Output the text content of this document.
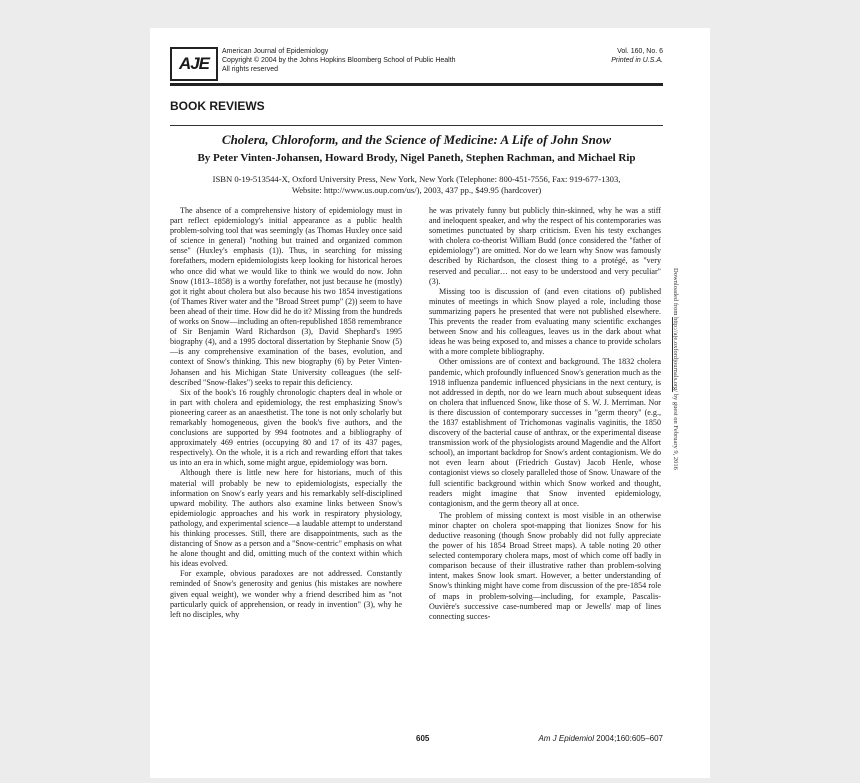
AJE
American Journal of Epidemiology
Copyright © 2004 by the Johns Hopkins Bloomberg School of Public Health
All rights reserved
Vol. 160, No. 6
Printed in U.S.A.
BOOK REVIEWS
Cholera, Chloroform, and the Science of Medicine: A Life of John Snow
By Peter Vinten-Johansen, Howard Brody, Nigel Paneth, Stephen Rachman, and Michael Rip
ISBN 0-19-513544-X, Oxford University Press, New York, New York (Telephone: 800-451-7556, Fax: 919-677-1303,
Website: http://www.us.oup.com/us/), 2003, 437 pp., $49.95 (hardcover)

The absence of a comprehensive history of epidemiology must in part reflect epidemiology's initial appearance as a public health problem-solving tool that was seemingly (as Thomas Huxley once said of science in general) "nothing but trained and organized common sense" (Huxley's emphasis (1)). Thus, in searching for missing forefathers, modern epidemiologists keep looking for historical heroes who once did what we would like to think we would do now. John Snow (1813–1858) is a worthy forefather, not just because he (mostly) got it right about cholera but also because his two 1854 investigations (of Thames River water and the "Broad Street pump" (2)) seem to have been ahead of their time. How did he do it? Missing from the hundreds of works on Snow—including an often-republished 1858 remembrance of Sir Benjamin Ward Richardson (3), David Shephard's 1995 biography (4), and a 1995 doctoral dissertation by Stephanie Snow (5)—is any comprehensive examination of the bases, evolution, and context of Snow's thinking. This new biography (6) by Peter Vinten-Johansen and his Michigan State University colleagues (the self-described "Snow-flakes") seeks to repair this deficiency.

Six of the book's 16 roughly chronologic chapters deal in whole or in part with cholera and epidemiology, the rest emphasizing Snow's pioneering career as an anaesthetist. The tone is not only scholarly but remarkably homogeneous, given the book's five authors, and the conclusions are supported by 994 footnotes and a bibliography of approximately 469 entries (occupying 80 and 17 of its 437 pages, respectively). On the whole, it is a rich and rewarding effort that takes us into an era in which, some might argue, epidemiology was born.

Although there is little new here for historians, much of this material will probably be new to epidemiologists, especially the information on Snow's early years and his remarkably self-disciplined upward mobility. The authors also examine links between Snow's epidemiologic approaches and his work in respiratory physiology, pathology, and experimental science—a laudable attempt to understand his thinking processes. Still, there are disappointments, such as the distancing of Snow as a person and a "Snow-centric" emphasis on what he alone thought and did, omitting much of the context within which his ideas evolved.

For example, obvious paradoxes are not addressed. Constantly reminded of Snow's generosity and genius (his mistakes are nowhere given equal weight), we wonder why a friend described him as "not particularly quick of apprehension, or ready in invention" (3), why he left no disciples, why

he was privately funny but publicly thin-skinned, why he was a stiff and ineloquent speaker, and why the respect of his contemporaries was sometimes punctuated by sharp criticism. Even his testy exchanges with cholera co-theorist William Budd (once considered the "father of epidemiology") are omitted. Nor do we learn why Snow was famously described by Richardson, the closest thing to a protégé, as "very reserved and peculiar… not easy to be understood and very peculiar" (3).

Missing too is discussion of (and even citations of) published minutes of meetings in which Snow played a role, including those summarizing papers he presented that were not published elsewhere. This prevents the reader from evaluating many scientific exchanges between Snow and his colleagues, leaves us in the dark about what ideas he was being exposed to, and misses a chance to provide scholars with a more complete bibliography.

Other omissions are of context and background. The 1832 cholera pandemic, which profoundly influenced Snow's generation much as the 1918 influenza pandemic influenced physicians in the next century, is not addressed in depth, nor do we learn much about subsequent ideas on cholera that influenced Snow, like those of S. W. J. Merriman. Nor is there discussion of contemporary successes in "germ theory" (e.g., the 1837 establishment of Trichomonas vaginalis vaginitis, the 1850 discovery of the bacterial cause of anthrax, or the experimental disease transmission work of the physiologists around Magendie and the Alfort school), an important backdrop for Snow's ardent contagionism. We do not even learn about (Friedrich Gustav) Jacob Henle, whose contagionist views so closely paralleled those of Snow. Unaware of the full scientific background within which Snow worked and thought, readers might imagine that Snow invented epidemiology, contagionism, and the germ theory all at once.

The problem of missing context is most visible in an otherwise minor chapter on cholera spot-mapping that lionizes Snow for his deductive reasoning (though Snow probably did not fully appreciate the power of his 1854 Broad Street maps). A table noting 20 other selected contemporary cholera maps, most of which come off badly in comparison because of their illustrative rather than problem-solving intent, makes Snow look smart. However, a better understanding of Snow's thinking might have come from discussion of the pre-1854 role of maps in problem-solving—including, for example, Pascalis-Ouvière's successive case-numbered map or Jewells' map of lines connecting succes-

605	Am J Epidemiol 2004;160:605–607
Downloaded from http://aje.oxfordjournals.org/ by guest on February 9, 2016
